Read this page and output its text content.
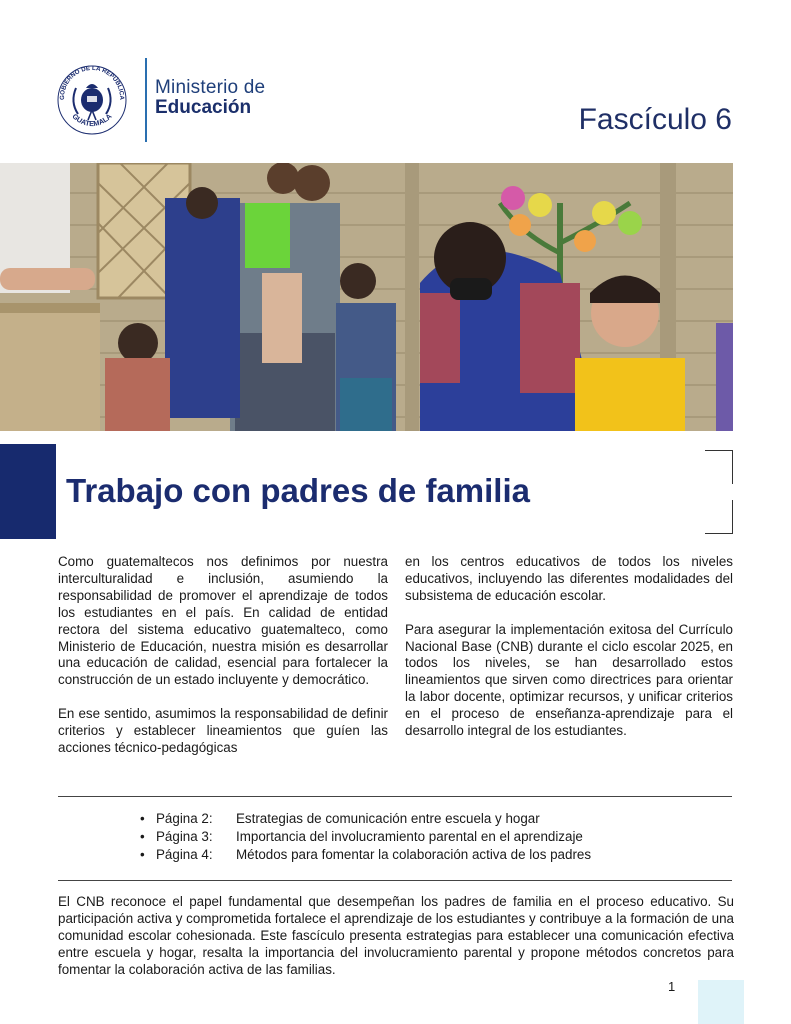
GOBIERNO DE LA REPÚBLICA
GUATEMALA
Ministerio de
Educación	Fascículo 6
Trabajo con padres de familia

Como guatemaltecos nos definimos por nuestra interculturalidad e inclusión, asumiendo la responsabilidad de promover el aprendizaje de todos los estudiantes en el país. En calidad de entidad rectora del sistema educativo guatemalteco, como Ministerio de Educación, nuestra misión es desarrollar una educación de calidad, esencial para fortalecer la construcción de un estado incluyente y democrático.

En ese sentido, asumimos la responsabilidad de definir criterios y establecer lineamientos que guíen las acciones técnico-pedagógicas

en los centros educativos de todos los niveles educativos, incluyendo las diferentes modalidades del subsistema de educación escolar.

Para asegurar la implementación exitosa del Currículo Nacional Base (CNB) durante el ciclo escolar 2025, en todos los niveles, se han desarrollado estos lineamientos que sirven como directrices para orientar la labor docente, optimizar recursos, y unificar criterios en el proceso de enseñanza-aprendizaje para el desarrollo integral de los estudiantes.

• Página 2:	Estrategias de comunicación entre escuela y hogar
• Página 3:	Importancia del involucramiento parental en el aprendizaje
• Página 4:	Métodos para fomentar la colaboración activa de los padres
El CNB reconoce el papel fundamental que desempeñan los padres de familia en el proceso educativo. Su participación activa y comprometida fortalece el aprendizaje de los estudiantes y contribuye a la formación de una comunidad escolar cohesionada. Este fascículo presenta estrategias para establecer una comunicación efectiva entre escuela y hogar, resalta la importancia del involucramiento parental y propone métodos concretos para fomentar la colaboración activa de las familias.
1
